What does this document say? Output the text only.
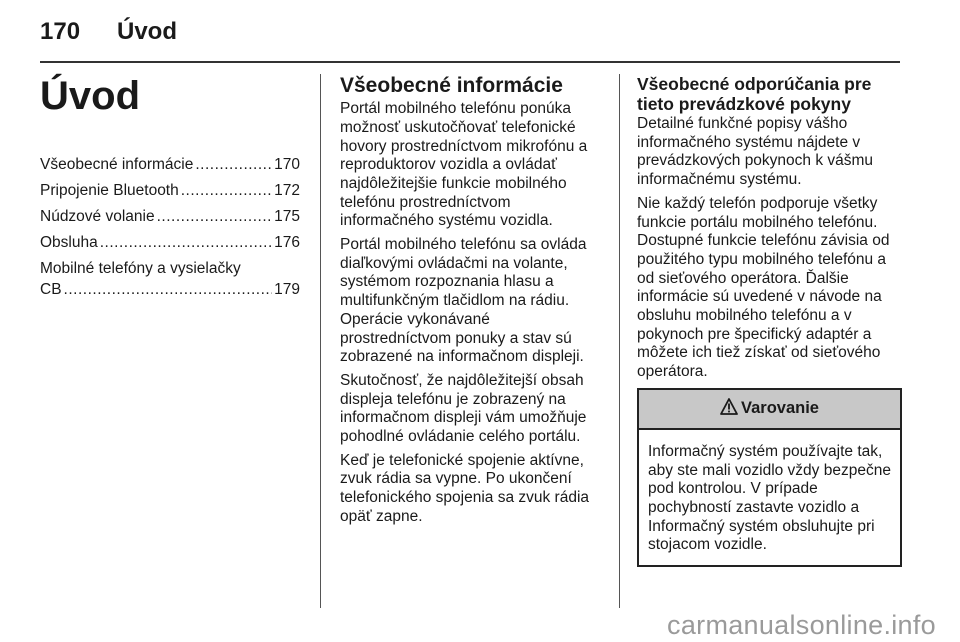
170 Úvod
Úvod
Všeobecné informácie .....	170
Pripojenie Bluetooth .....	172
Núdzové volanie .....	175
Obsluha .....	176
Mobilné telefóny a vysielačky
CB .....	179
Všeobecné informácie

Portál mobilného telefónu ponúka možnosť uskutočňovať telefonické hovory prostredníctvom mikrofónu a reproduktorov vozidla a ovládať najdôležitejšie funkcie mobilného telefónu prostredníctvom informačného systému vozidla.

Portál mobilného telefónu sa ovláda diaľkovými ovládačmi na volante, systémom rozpoznania hlasu a multifunkčným tlačidlom na rádiu. Operácie vykonávané prostredníctvom ponuky a stav sú zobrazené na informačnom displeji.

Skutočnosť, že najdôležitejší obsah displeja telefónu je zobrazený na informačnom displeji vám umožňuje pohodlné ovládanie celého portálu.

Keď je telefonické spojenie aktívne, zvuk rádia sa vypne. Po ukončení telefonického spojenia sa zvuk rádia opäť zapne.

Všeobecné odporúčania pre tieto prevádzkové pokyny

Detailné funkčné popisy vášho informačného systému nájdete v prevádzkových pokynoch k vášmu informačnému systému.

Nie každý telefón podporuje všetky funkcie portálu mobilného telefónu. Dostupné funkcie telefónu závisia od použitého typu mobilného telefónu a od sieťového operátora. Ďalšie informácie sú uvedené v návode na obsluhu mobilného telefónu a v pokynoch pre špecifický adaptér a môžete ich tiež získať od sieťového operátora.

Varovanie

Informačný systém používajte tak, aby ste mali vozidlo vždy bezpečne pod kontrolou. V prípade pochybností zastavte vozidlo a Informačný systém obsluhujte pri stojacom vozidle.

carmanualsonline.info
